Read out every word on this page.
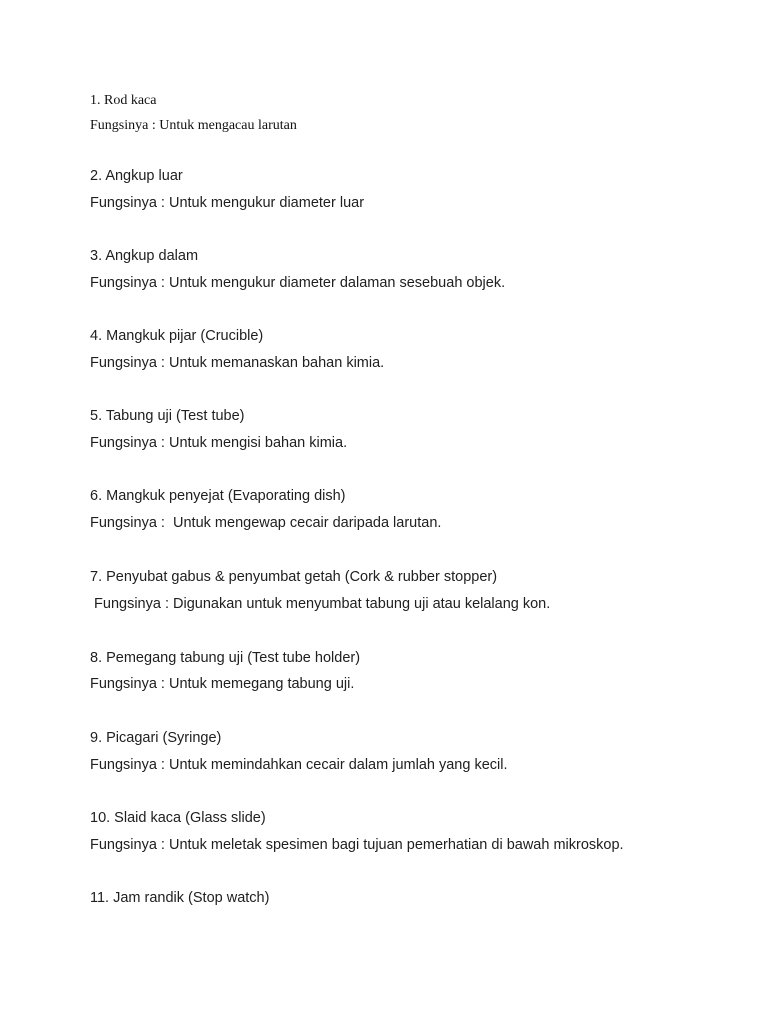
1. Rod kaca
Fungsinya : Untuk mengacau larutan
2. Angkup luar
Fungsinya : Untuk mengukur diameter luar
3. Angkup dalam
Fungsinya : Untuk mengukur diameter dalaman sesebuah objek.
4. Mangkuk pijar (Crucible)
Fungsinya : Untuk memanaskan bahan kimia.
5. Tabung uji (Test tube)
Fungsinya : Untuk mengisi bahan kimia.
6. Mangkuk penyejat (Evaporating dish)
Fungsinya :  Untuk mengewap cecair daripada larutan.
7. Penyubat gabus & penyumbat getah (Cork & rubber stopper)
Fungsinya : Digunakan untuk menyumbat tabung uji atau kelalang kon.
8. Pemegang tabung uji (Test tube holder)
Fungsinya : Untuk memegang tabung uji.
9. Picagari (Syringe)
Fungsinya : Untuk memindahkan cecair dalam jumlah yang kecil.
10. Slaid kaca (Glass slide)
Fungsinya : Untuk meletak spesimen bagi tujuan pemerhatian di bawah mikroskop.
11. Jam randik (Stop watch)
